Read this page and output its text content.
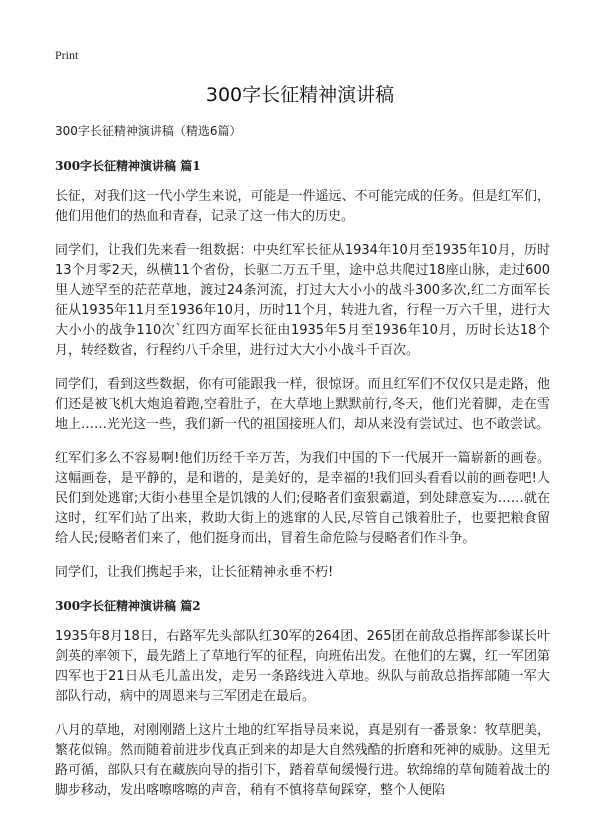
Print
300字长征精神演讲稿

300字长征精神演讲稿（精选6篇）

300字长征精神演讲稿 篇1

长征，对我们这一代小学生来说，可能是一件遥远、不可能完成的任务。但是红军们，他们用他们的热血和青春，记录了这一伟大的历史。

同学们，让我们先来看一组数据：中央红军长征从1934年10月至1935年10月，历时13个月零2天，纵横11个省份，长驱二万五千里，途中总共爬过18座山脉，走过600里人迹罕至的茫茫草地，渡过24条河流，打过大大小小的战斗300多次,红二方面军长征从1935年11月至1936年10月，历时11个月，转进九省，行程一万六千里，进行大大小小的战争110次`红四方面军长征由1935年5月至1936年10月，历时长达18个月，转经数省，行程约八千余里，进行过大大小小战斗千百次。

同学们，看到这些数据，你有可能跟我一样，很惊讶。而且红军们不仅仅只是走路，他们还是被飞机大炮追着跑,空着肚子，在大草地上默默前行,冬天，他们光着脚，走在雪地上……光光这一些，我们新一代的祖国接班人们，却从来没有尝试过、也不敢尝试。

红军们多么不容易啊!他们历经千辛万苦，为我们中国的下一代展开一篇崭新的画卷。这幅画卷，是平静的，是和谐的，是美好的，是幸福的!我们回头看看以前的画卷吧!人民们到处逃窜;大街小巷里全是饥饿的人们;侵略者们蛮狠霸道，到处肆意妄为……就在这时，红军们站了出来，救助大街上的逃窜的人民,尽管自己饿着肚子，也要把粮食留给人民;侵略者们来了，他们挺身而出，冒着生命危险与侵略者们作斗争。

同学们，让我们携起手来，让长征精神永垂不朽!

300字长征精神演讲稿 篇2

1935年8月18日，右路军先头部队红30军的264团、265团在前敌总指挥部参谋长叶剑英的率领下，最先踏上了草地行军的征程，向班佑出发。在他们的左翼，红一军团第四军也于21日从毛儿盖出发，走另一条路线进入草地。纵队与前敌总指挥部随一军大部队行动，病中的周恩来与三军团走在最后。

八月的草地，对刚刚踏上这片土地的红军指导员来说，真是别有一番景象：牧草肥美，繁花似锦。然而随着前进步伐真正到来的却是大自然残酷的折磨和死神的威胁。这里无路可循，部队只有在藏族向导的指引下，踏着草甸缓慢行进。软绵绵的草甸随着战士的脚步移动，发出喀嚓喀嚓的声音，稍有不慎将草甸踩穿，整个人便陷
